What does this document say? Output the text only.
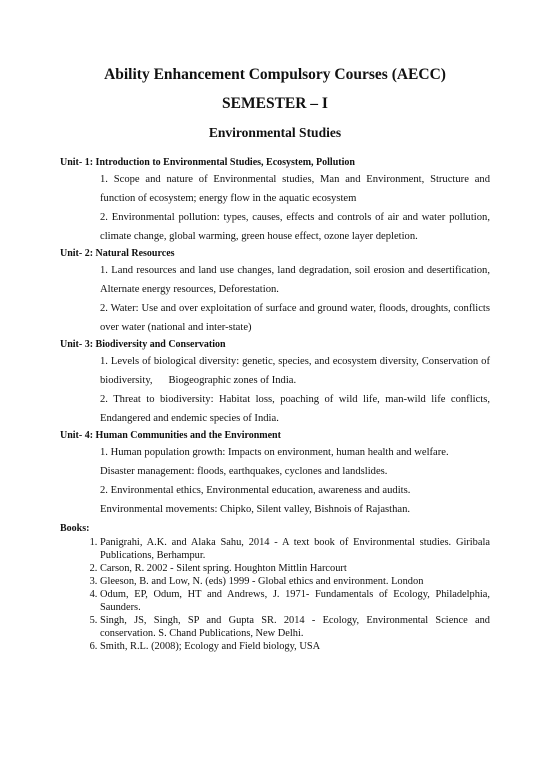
Ability Enhancement Compulsory Courses (AECC)
SEMESTER – I
Environmental Studies
Unit- 1: Introduction to Environmental Studies, Ecosystem, Pollution

1. Scope and nature of Environmental studies, Man and Environment, Structure and function of ecosystem; energy flow in the aquatic ecosystem

2. Environmental pollution: types, causes, effects and controls of air and water pollution, climate change, global warming, green house effect, ozone layer depletion.

Unit- 2: Natural Resources

1. Land resources and land use changes, land degradation, soil erosion and desertification, Alternate energy resources, Deforestation.

2. Water: Use and over exploitation of surface and ground water, floods, droughts, conflicts over water (national and inter-state)

Unit- 3: Biodiversity and Conservation

1. Levels of biological diversity: genetic, species, and ecosystem diversity, Conservation of biodiversity,      Biogeographic zones of India.

2. Threat to biodiversity: Habitat loss, poaching of wild life, man-wild life conflicts, Endangered and endemic species of India.

Unit- 4: Human Communities and the Environment

1. Human population growth: Impacts on environment, human health and welfare.

Disaster management: floods, earthquakes, cyclones and landslides.

2. Environmental ethics, Environmental education, awareness and audits.

Environmental movements: Chipko, Silent valley, Bishnois of Rajasthan.

Books:
1. Panigrahi, A.K. and Alaka Sahu, 2014 - A text book of Environmental studies. Giribala Publications, Berhampur.
2. Carson, R. 2002 - Silent spring. Houghton Mittlin Harcourt
3. Gleeson, B. and Low, N. (eds) 1999 - Global ethics and environment. London
4. Odum, EP, Odum, HT and Andrews, J. 1971- Fundamentals of Ecology, Philadelphia, Saunders.
5. Singh, JS, Singh, SP and Gupta SR. 2014 - Ecology, Environmental Science and conservation. S. Chand Publications, New Delhi.
6. Smith, R.L. (2008); Ecology and Field biology, USA
